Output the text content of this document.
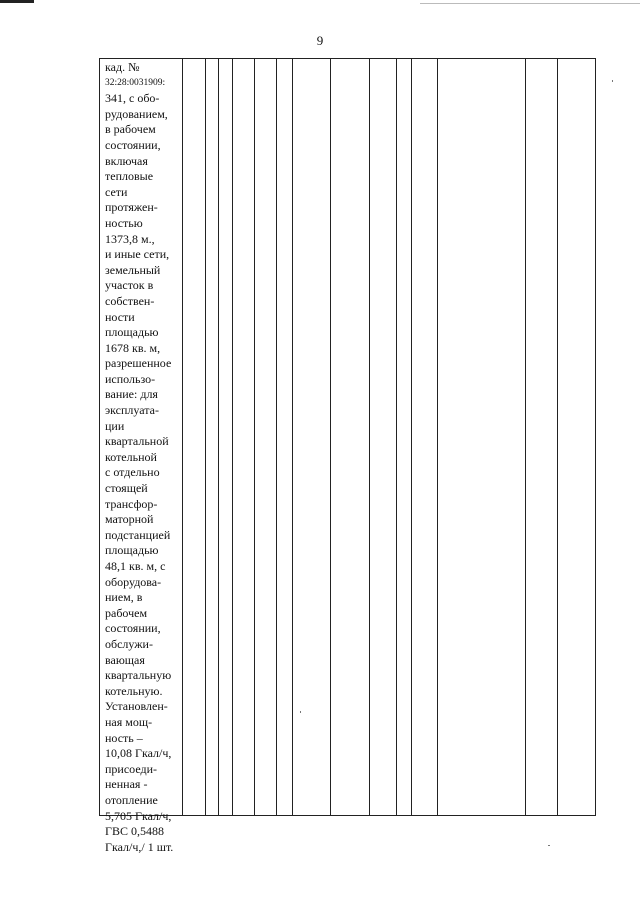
9
кад. №
32:28:0031909:
341, с обо-
рудованием,
в рабочем
состоянии,
включая
тепловые
сети
протяжен-
ностью
1373,8 м.,
и иные сети,
земельный
участок в
собствен-
ности
площадью
1678 кв. м,
разрешенное
использо-
вание: для
эксплуата-
ции
квартальной
котельной
с отдельно
стоящей
трансфор-
маторной
подстанцией
площадью
48,1 кв. м, с
оборудова-
нием, в
рабочем
состоянии,
обслужи-
вающая
квартальную
котельную.
Установлен-
ная мощ-
ность –
10,08 Гкал/ч,
присоеди-
ненная -
отопление
5,705 Гкал/ч,
ГВС 0,5488
Гкал/ч,/ 1 шт.
